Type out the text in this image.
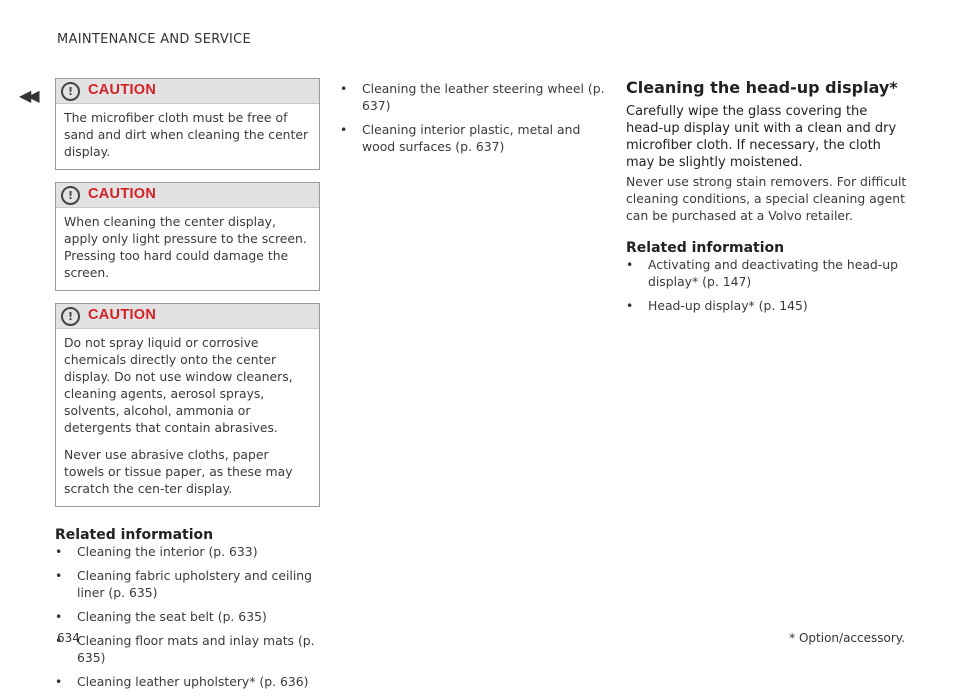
MAINTENANCE AND SERVICE
◀◀	!	CAUTION

The microfiber cloth must be free of sand and dirt when cleaning the center display.

!	CAUTION

When cleaning the center display, apply only light pressure to the screen. Pressing too hard could damage the screen.

!	CAUTION

Do not spray liquid or corrosive chemicals directly onto the center display. Do not use window cleaners, cleaning agents, aerosol sprays, solvents, alcohol, ammonia or detergents that contain abrasives.

Never use abrasive cloths, paper towels or tissue paper, as these may scratch the cen-ter display.

Related information
• Cleaning the interior (p. 633)
• Cleaning fabric upholstery and ceiling liner (p. 635)
• Cleaning the seat belt (p. 635)
• Cleaning floor mats and inlay mats (p. 635)
• Cleaning leather upholstery* (p. 636)
• Cleaning the leather steering wheel (p. 637)
• Cleaning interior plastic, metal and wood surfaces (p. 637)
Cleaning the head-up display*

Carefully wipe the glass covering the head-up display unit with a clean and dry microfiber cloth. If necessary, the cloth may be slightly moistened.

Never use strong stain removers. For difficult cleaning conditions, a special cleaning agent can be purchased at a Volvo retailer.

Related information
• Activating and deactivating the head-up display* (p. 147)
• Head-up display* (p. 145)
634	* Option/accessory.
